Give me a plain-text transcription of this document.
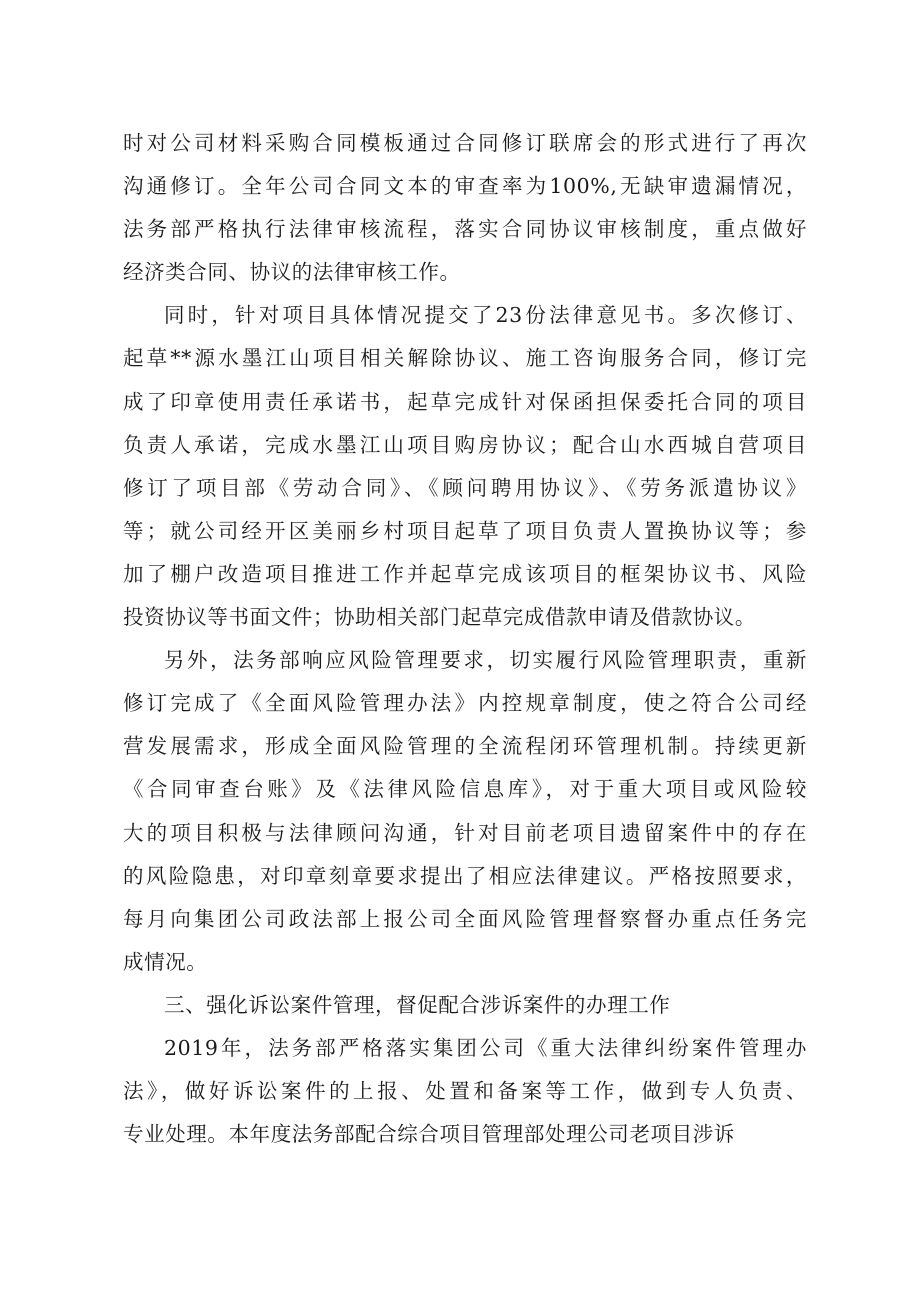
时对公司材料采购合同模板通过合同修订联席会的形式进行了再次
沟通修订。全年公司合同文本的审查率为100%,无缺审遗漏情况，
法务部严格执行法律审核流程，落实合同协议审核制度，重点做好
经济类合同、协议的法律审核工作。
同时，针对项目具体情况提交了23份法律意见书。多次修订、
起草**源水墨江山项目相关解除协议、施工咨询服务合同，修订完
成了印章使用责任承诺书，起草完成针对保函担保委托合同的项目
负责人承诺，完成水墨江山项目购房协议；配合山水西城自营项目
修订了项目部《劳动合同》、《顾问聘用协议》、《劳务派遣协议》
等；就公司经开区美丽乡村项目起草了项目负责人置换协议等；参
加了棚户改造项目推进工作并起草完成该项目的框架协议书、风险
投资协议等书面文件；协助相关部门起草完成借款申请及借款协议。
另外，法务部响应风险管理要求，切实履行风险管理职责，重新
修订完成了《全面风险管理办法》内控规章制度，使之符合公司经
营发展需求，形成全面风险管理的全流程闭环管理机制。持续更新
《合同审查台账》及《法律风险信息库》，对于重大项目或风险较
大的项目积极与法律顾问沟通，针对目前老项目遗留案件中的存在
的风险隐患，对印章刻章要求提出了相应法律建议。严格按照要求，
每月向集团公司政法部上报公司全面风险管理督察督办重点任务完
成情况。
三、强化诉讼案件管理，督促配合涉诉案件的办理工作
2019年，法务部严格落实集团公司《重大法律纠纷案件管理办
法》，做好诉讼案件的上报、处置和备案等工作，做到专人负责、
专业处理。本年度法务部配合综合项目管理部处理公司老项目涉诉
